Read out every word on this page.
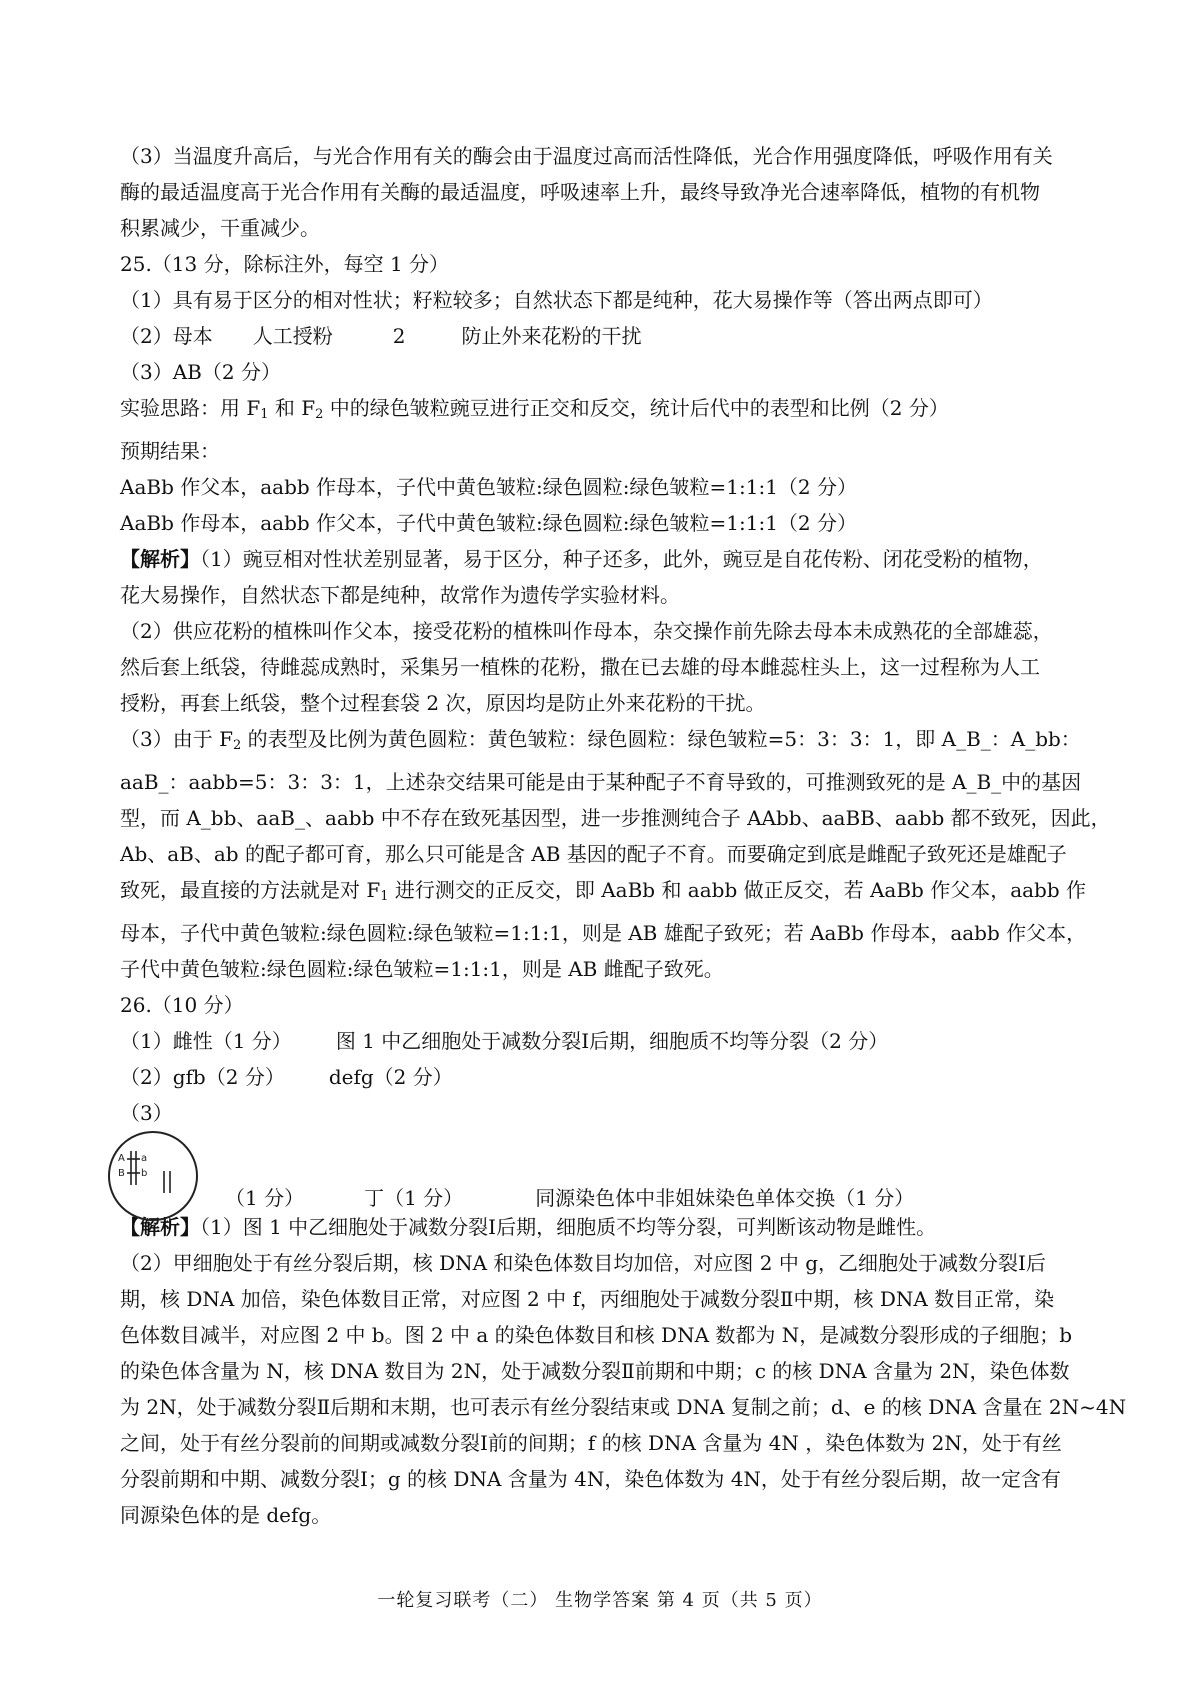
（3）当温度升高后，与光合作用有关的酶会由于温度过高而活性降低，光合作用强度降低，呼吸作用有关
酶的最适温度高于光合作用有关酶的最适温度，呼吸速率上升，最终导致净光合速率降低，植物的有机物
积累减少，干重减少。
25.（13 分，除标注外，每空 1 分）
（1）具有易于区分的相对性状；籽粒较多；自然状态下都是纯种，花大易操作等（答出两点即可）
（2）母本 人工授粉	2	防止外来花粉的干扰
（3）AB（2 分）
实验思路：用 $F_1$ 和 $F_2$ 中的绿色皱粒豌豆进行正交和反交，统计后代中的表型和比例（2 分）
预期结果：
AaBb 作父本，aabb 作母本，子代中黄色皱粒:绿色圆粒:绿色皱粒=1:1:1（2 分）
AaBb 作母本，aabb 作父本，子代中黄色皱粒:绿色圆粒:绿色皱粒=1:1:1（2 分）
【解析】（1）豌豆相对性状差别显著，易于区分，种子还多，此外，豌豆是自花传粉、闭花受粉的植物，
花大易操作，自然状态下都是纯种，故常作为遗传学实验材料。
（2）供应花粉的植株叫作父本，接受花粉的植株叫作母本，杂交操作前先除去母本未成熟花的全部雄蕊，
然后套上纸袋，待雌蕊成熟时，采集另一植株的花粉，撒在已去雄的母本雌蕊柱头上，这一过程称为人工
授粉，再套上纸袋，整个过程套袋 2 次，原因均是防止外来花粉的干扰。
（3）由于 $F_2$ 的表型及比例为黄色圆粒：黄色皱粒：绿色圆粒：绿色皱粒=5：3：3：1，即 A_B_：A_bb：
aaB_：aabb=5：3：3：1，上述杂交结果可能是由于某种配子不育导致的，可推测致死的是 A_B_中的基因
型，而 A_bb、aaB_、aabb 中不存在致死基因型，进一步推测纯合子 AAbb、aaBB、aabb 都不致死，因此，
Ab、aB、ab 的配子都可育，那么只可能是含 AB 基因的配子不育。而要确定到底是雌配子致死还是雄配子
致死，最直接的方法就是对 $F_1$ 进行测交的正反交，即 AaBb 和 aabb 做正反交，若 AaBb 作父本，aabb 作
母本，子代中黄色皱粒:绿色圆粒:绿色皱粒=1:1:1，则是 AB 雄配子致死；若 AaBb 作母本，aabb 作父本，
子代中黄色皱粒:绿色圆粒:绿色皱粒=1:1:1，则是 AB 雌配子致死。
26.（10 分）
（1）雌性（1 分） 图 1 中乙细胞处于减数分裂Ⅰ后期，细胞质不均等分裂（2 分）
（2）gfb（2 分） defg（2 分）
（3）
A a
B b
（1 分）	丁（1 分）	同源染色体中非姐妹染色单体交换（1 分）
【解析】（1）图 1 中乙细胞处于减数分裂Ⅰ后期，细胞质不均等分裂，可判断该动物是雌性。
（2）甲细胞处于有丝分裂后期，核 DNA 和染色体数目均加倍，对应图 2 中 g，乙细胞处于减数分裂Ⅰ后
期，核 DNA 加倍，染色体数目正常，对应图 2 中 f，丙细胞处于减数分裂Ⅱ中期，核 DNA 数目正常，染
色体数目减半，对应图 2 中 b。图 2 中 a 的染色体数目和核 DNA 数都为 N，是减数分裂形成的子细胞；b
的染色体含量为 N，核 DNA 数目为 2N，处于减数分裂Ⅱ前期和中期；c 的核 DNA 含量为 2N，染色体数
为 2N，处于减数分裂Ⅱ后期和末期，也可表示有丝分裂结束或 DNA 复制之前；d、e 的核 DNA 含量在 2N~4N
之间，处于有丝分裂前的间期或减数分裂Ⅰ前的间期；f 的核 DNA 含量为 4N ，染色体数为 2N，处于有丝
分裂前期和中期、减数分裂Ⅰ；g 的核 DNA 含量为 4N，染色体数为 4N，处于有丝分裂后期，故一定含有
同源染色体的是 defg。
一轮复习联考（二） 生物学答案 第 4 页（共 5 页）
